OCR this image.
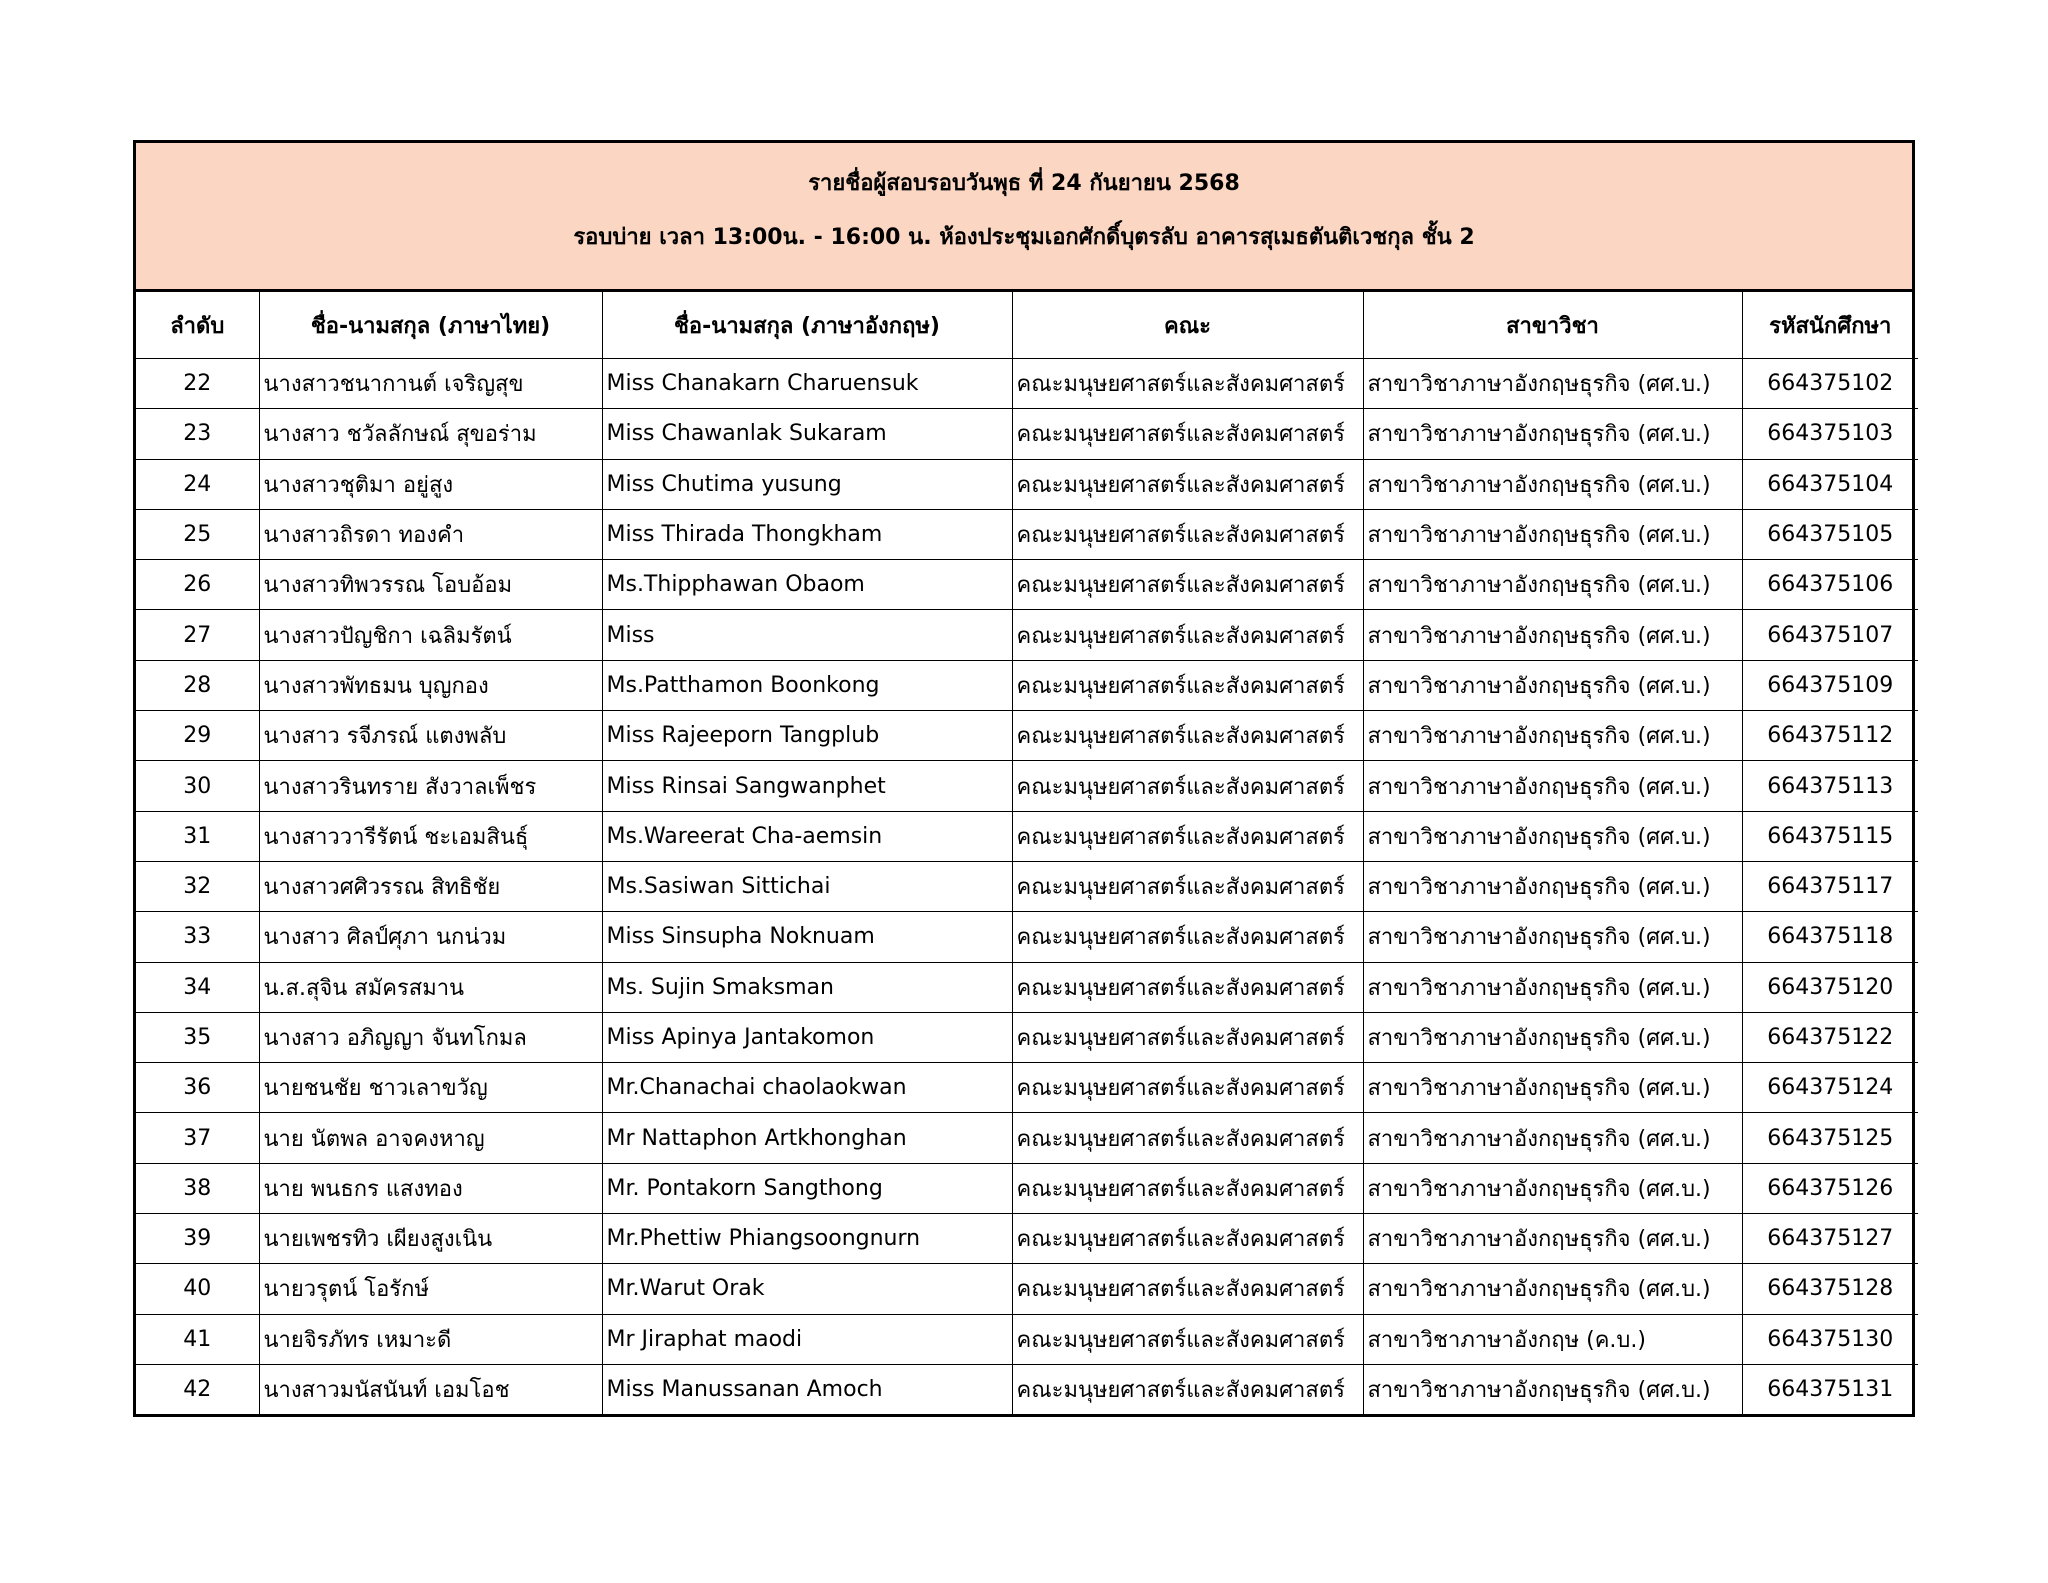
รายชื่อผู้สอบรอบวันพุธ ที่ 24 กันยายน 2568
รอบบ่าย เวลา 13:00น. - 16:00 น. ห้องประชุมเอกศักดิ์บุตรลับ อาคารสุเมธตันติเวชกุล ชั้น 2
ลำดับ	ชื่อ-นามสกุล (ภาษาไทย)	ชื่อ-นามสกุล (ภาษาอังกฤษ)	คณะ	สาขาวิชา	รหัสนักศึกษา
22	นางสาวชนากานต์ เจริญสุข	Miss Chanakarn Charuensuk	คณะมนุษยศาสตร์และสังคมศาสตร์	สาขาวิชาภาษาอังกฤษธุรกิจ (ศศ.บ.)	664375102
23	นางสาว ชวัลลักษณ์ สุขอร่าม	Miss Chawanlak Sukaram	คณะมนุษยศาสตร์และสังคมศาสตร์	สาขาวิชาภาษาอังกฤษธุรกิจ (ศศ.บ.)	664375103
24	นางสาวชุติมา อยู่สูง	Miss Chutima yusung	คณะมนุษยศาสตร์และสังคมศาสตร์	สาขาวิชาภาษาอังกฤษธุรกิจ (ศศ.บ.)	664375104
25	นางสาวถิรดา ทองคำ	Miss Thirada Thongkham	คณะมนุษยศาสตร์และสังคมศาสตร์	สาขาวิชาภาษาอังกฤษธุรกิจ (ศศ.บ.)	664375105
26	นางสาวทิพวรรณ โอบอ้อม	Ms.Thipphawan Obaom	คณะมนุษยศาสตร์และสังคมศาสตร์	สาขาวิชาภาษาอังกฤษธุรกิจ (ศศ.บ.)	664375106
27	นางสาวปัญชิกา เฉลิมรัตน์	Miss	คณะมนุษยศาสตร์และสังคมศาสตร์	สาขาวิชาภาษาอังกฤษธุรกิจ (ศศ.บ.)	664375107
28	นางสาวพัทธมน บุญกอง	Ms.Patthamon Boonkong	คณะมนุษยศาสตร์และสังคมศาสตร์	สาขาวิชาภาษาอังกฤษธุรกิจ (ศศ.บ.)	664375109
29	นางสาว รจีภรณ์ แตงพลับ	Miss Rajeeporn Tangplub	คณะมนุษยศาสตร์และสังคมศาสตร์	สาขาวิชาภาษาอังกฤษธุรกิจ (ศศ.บ.)	664375112
30	นางสาวรินทราย สังวาลเพ็ชร	Miss Rinsai Sangwanphet	คณะมนุษยศาสตร์และสังคมศาสตร์	สาขาวิชาภาษาอังกฤษธุรกิจ (ศศ.บ.)	664375113
31	นางสาววารีรัตน์ ชะเอมสินธุ์	Ms.Wareerat Cha-aemsin	คณะมนุษยศาสตร์และสังคมศาสตร์	สาขาวิชาภาษาอังกฤษธุรกิจ (ศศ.บ.)	664375115
32	นางสาวศศิวรรณ สิทธิชัย	Ms.Sasiwan Sittichai	คณะมนุษยศาสตร์และสังคมศาสตร์	สาขาวิชาภาษาอังกฤษธุรกิจ (ศศ.บ.)	664375117
33	นางสาว ศิลป์ศุภา นกน่วม	Miss Sinsupha Noknuam	คณะมนุษยศาสตร์และสังคมศาสตร์	สาขาวิชาภาษาอังกฤษธุรกิจ (ศศ.บ.)	664375118
34	น.ส.สุจิน สมัครสมาน	Ms. Sujin Smaksman	คณะมนุษยศาสตร์และสังคมศาสตร์	สาขาวิชาภาษาอังกฤษธุรกิจ (ศศ.บ.)	664375120
35	นางสาว อภิญญา จันทโกมล	Miss Apinya Jantakomon	คณะมนุษยศาสตร์และสังคมศาสตร์	สาขาวิชาภาษาอังกฤษธุรกิจ (ศศ.บ.)	664375122
36	นายชนชัย ชาวเลาขวัญ	Mr.Chanachai chaolaokwan	คณะมนุษยศาสตร์และสังคมศาสตร์	สาขาวิชาภาษาอังกฤษธุรกิจ (ศศ.บ.)	664375124
37	นาย นัตพล อาจคงหาญ	Mr Nattaphon Artkhonghan	คณะมนุษยศาสตร์และสังคมศาสตร์	สาขาวิชาภาษาอังกฤษธุรกิจ (ศศ.บ.)	664375125
38	นาย พนธกร แสงทอง	Mr. Pontakorn Sangthong	คณะมนุษยศาสตร์และสังคมศาสตร์	สาขาวิชาภาษาอังกฤษธุรกิจ (ศศ.บ.)	664375126
39	นายเพชรทิว เผียงสูงเนิน	Mr.Phettiw Phiangsoongnurn	คณะมนุษยศาสตร์และสังคมศาสตร์	สาขาวิชาภาษาอังกฤษธุรกิจ (ศศ.บ.)	664375127
40	นายวรุตน์ โอรักษ์	Mr.Warut Orak	คณะมนุษยศาสตร์และสังคมศาสตร์	สาขาวิชาภาษาอังกฤษธุรกิจ (ศศ.บ.)	664375128
41	นายจิรภัทร เหมาะดี	Mr Jiraphat maodi	คณะมนุษยศาสตร์และสังคมศาสตร์	สาขาวิชาภาษาอังกฤษ (ค.บ.)	664375130
42	นางสาวมนัสนันท์ เอมโอช	Miss Manussanan Amoch	คณะมนุษยศาสตร์และสังคมศาสตร์	สาขาวิชาภาษาอังกฤษธุรกิจ (ศศ.บ.)	664375131
